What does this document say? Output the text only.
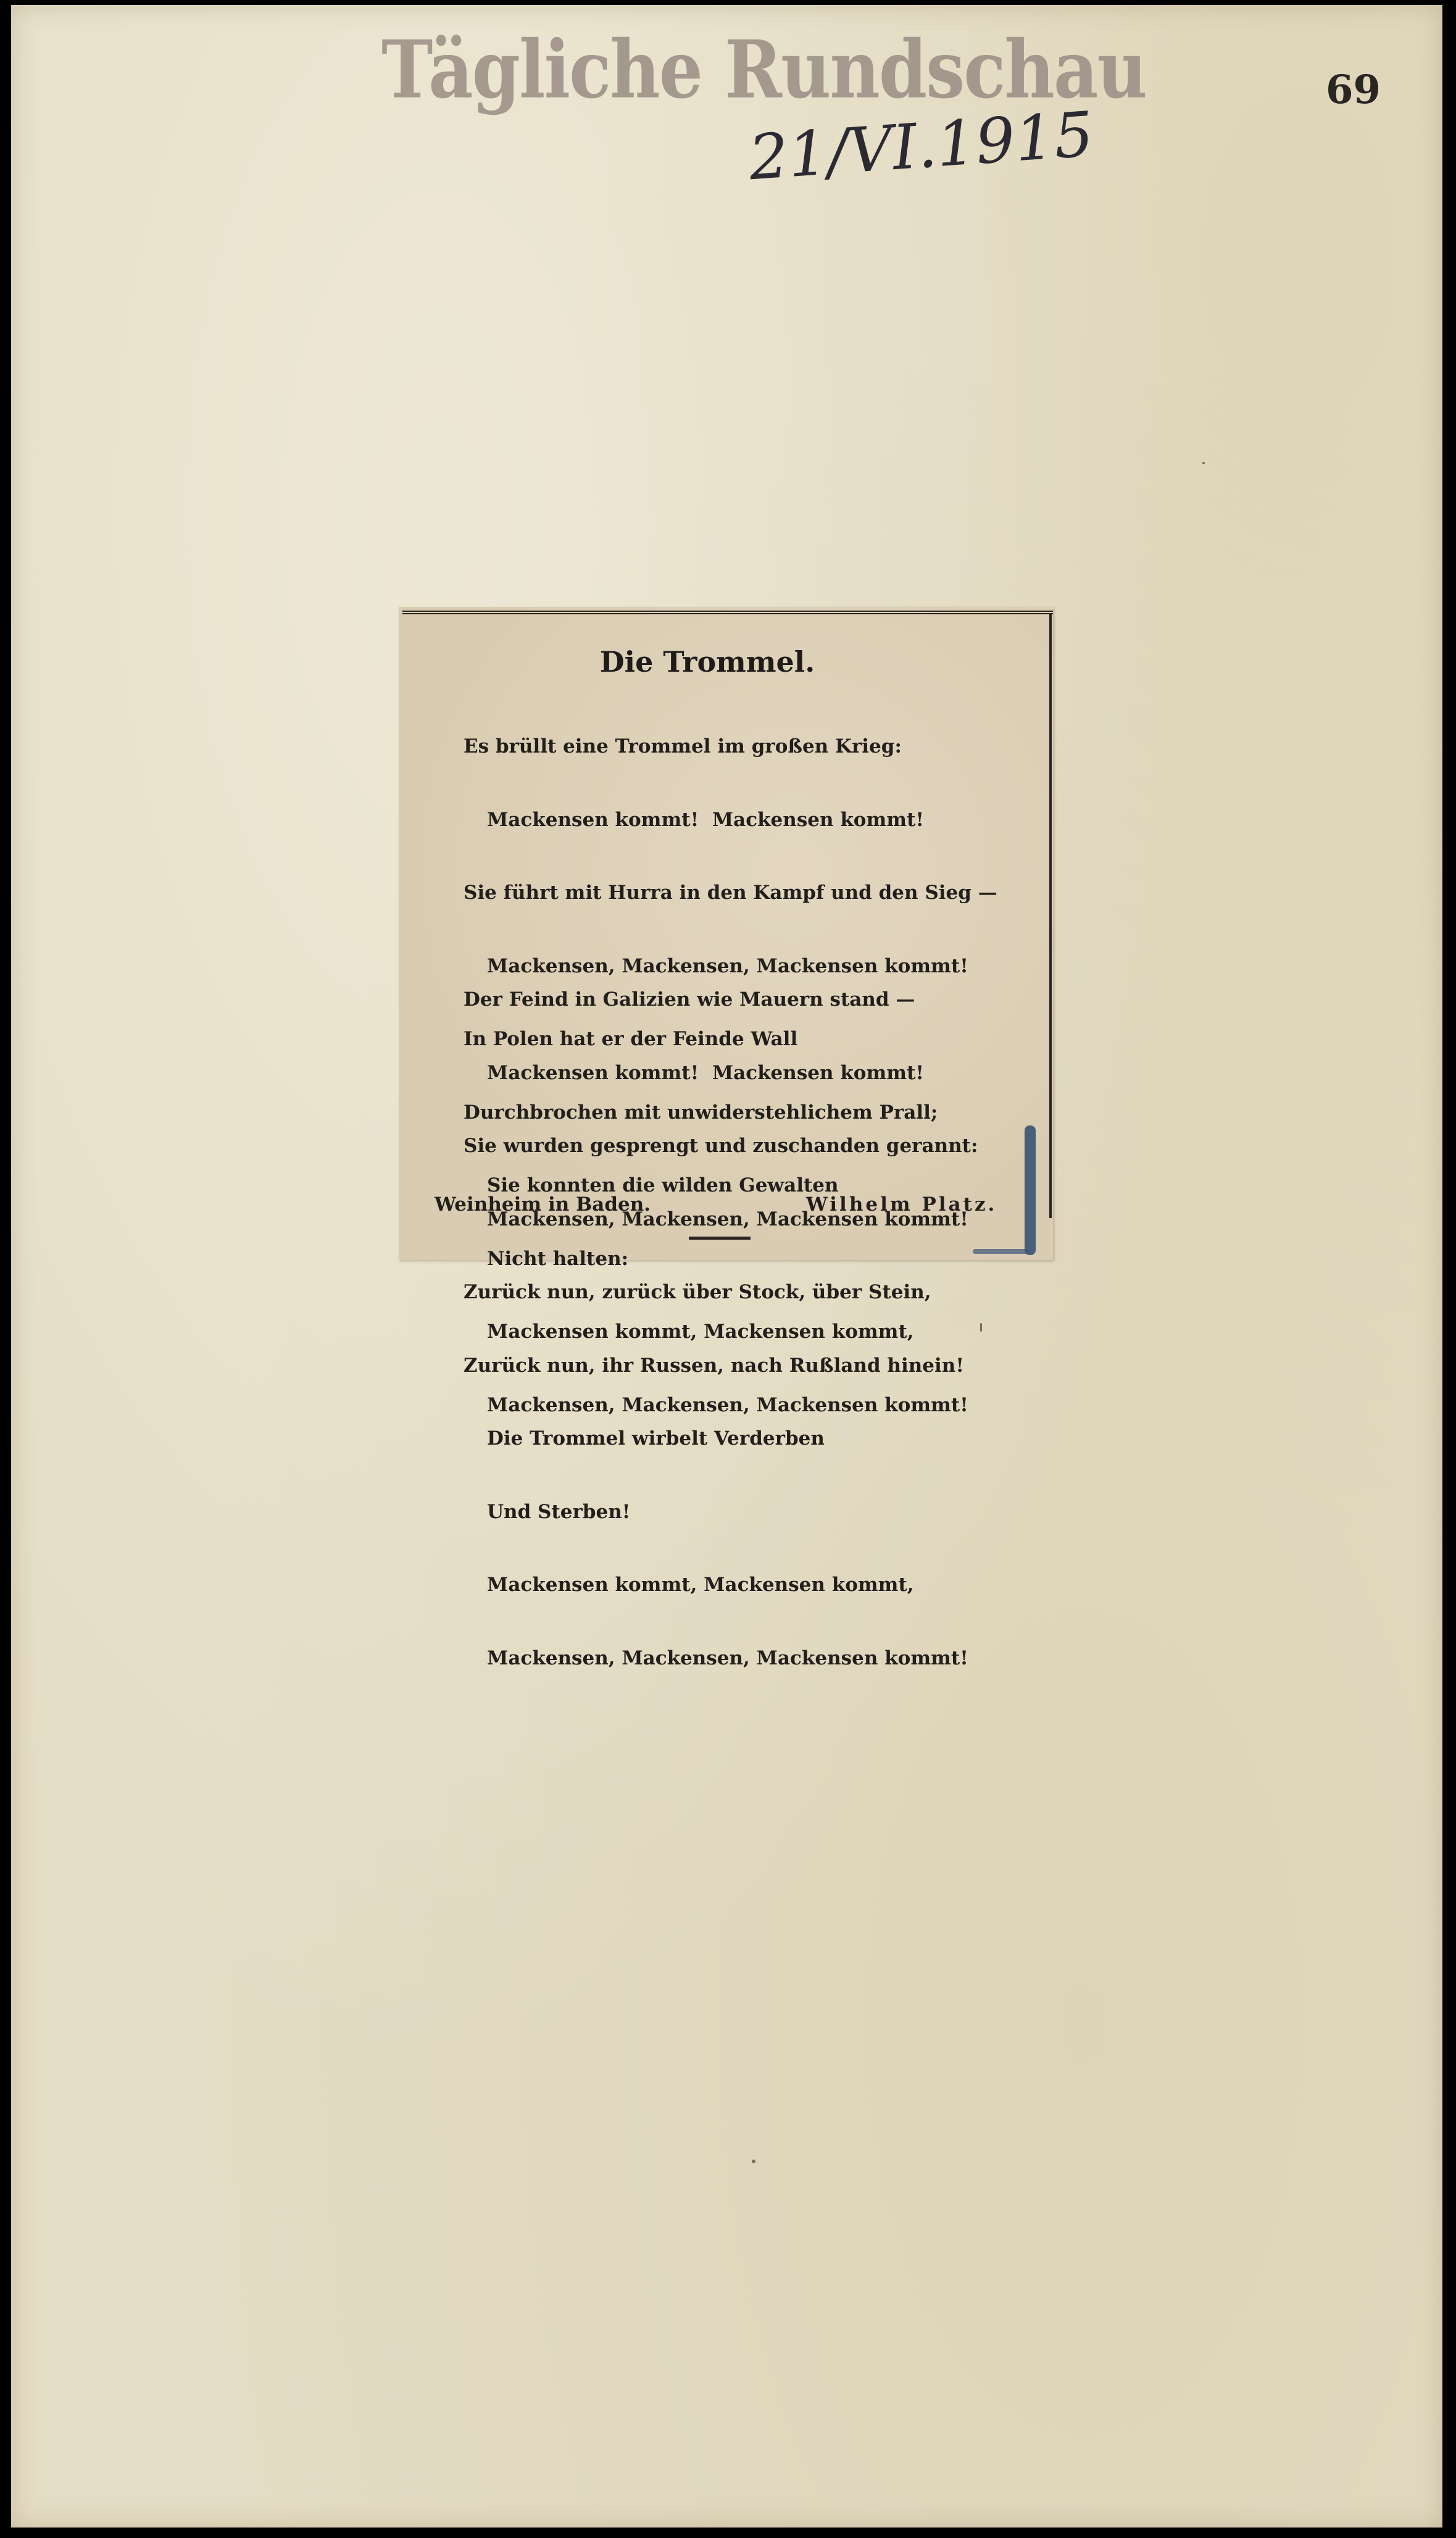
Tägliche Rundschau	69
21/VI.1915
Die Trommel.

Es brüllt eine Trommel im großen Krieg:

Mackensen kommt!  Mackensen kommt!

Sie führt mit Hurra in den Kampf und den Sieg —

Mackensen, Mackensen, Mackensen kommt!

In Polen hat er der Feinde Wall

Durchbrochen mit unwiderstehlichem Prall;

Sie konnten die wilden Gewalten

Nicht halten:

Mackensen kommt, Mackensen kommt,

Mackensen, Mackensen, Mackensen kommt!

Der Feind in Galizien wie Mauern stand —

Mackensen kommt!  Mackensen kommt!

Sie wurden gesprengt und zuschanden gerannt:

Mackensen, Mackensen, Mackensen kommt!

Zurück nun, zurück über Stock, über Stein,

Zurück nun, ihr Russen, nach Rußland hinein!

Die Trommel wirbelt Verderben

Und Sterben!

Mackensen kommt, Mackensen kommt,

Mackensen, Mackensen, Mackensen kommt!

Weinheim in Baden.	Wilhelm Platz.
